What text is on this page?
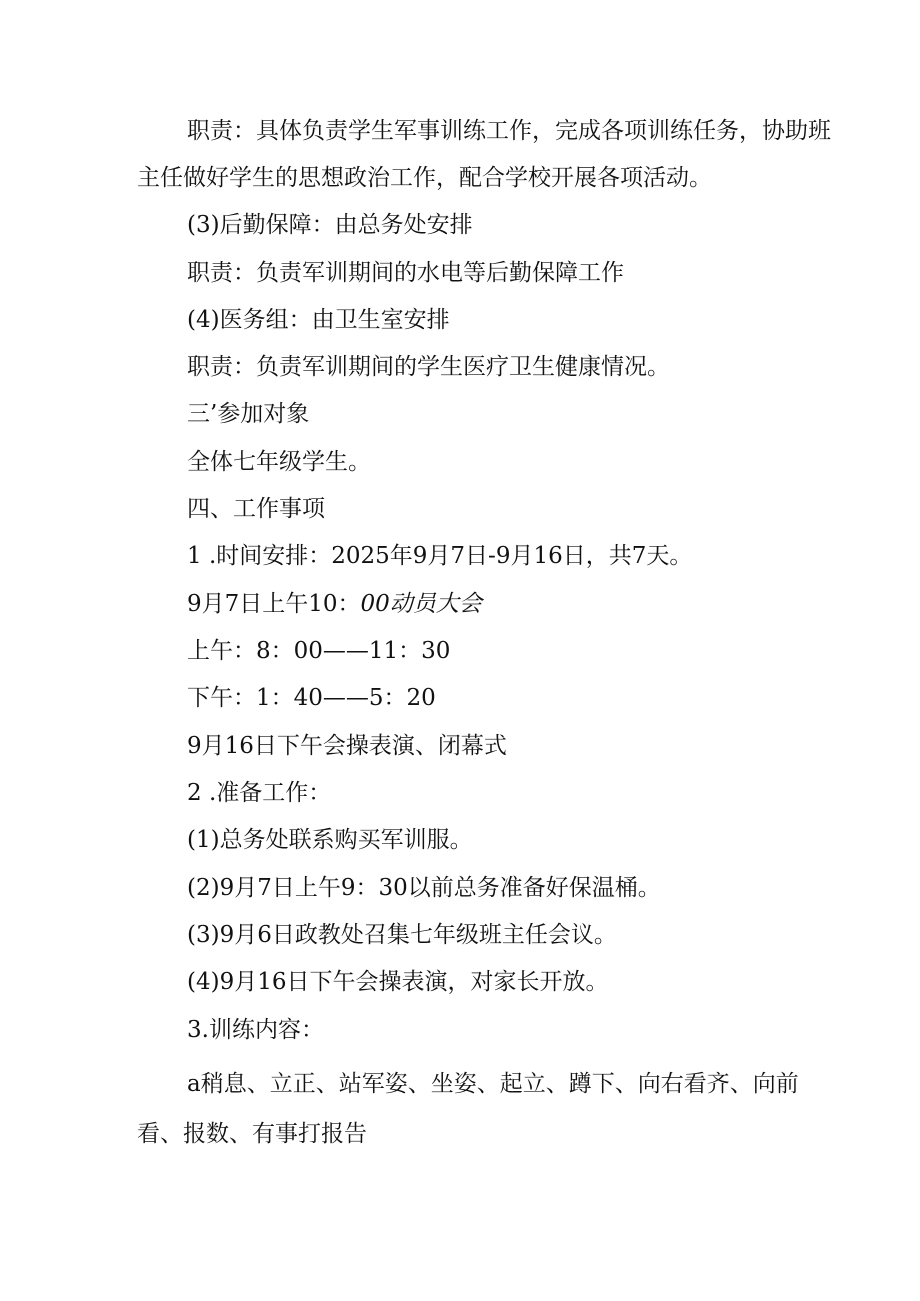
职责：具体负责学生军事训练工作，完成各项训练任务，协助班
主任做好学生的思想政治工作，配合学校开展各项活动。
(3)后勤保障：由总务处安排
职责：负责军训期间的水电等后勤保障工作
(4)医务组：由卫生室安排
职责：负责军训期间的学生医疗卫生健康情况。
三’参加对象
全体七年级学生。
四、工作事项
1 .时间安排：2025年9月7日-9月16日，共7天。
9月7日上午10：00动员大会
上午：8：00——11：30
下午：1：40——5：20
9月16日下午会操表演、闭幕式
2 .准备工作：
(1)总务处联系购买军训服。
(2)9月7日上午9：30以前总务准备好保温桶。
(3)9月6日政教处召集七年级班主任会议。
(4)9月16日下午会操表演，对家长开放。
3.训练内容：
a稍息、立正、站军姿、坐姿、起立、蹲下、向右看齐、向前
看、报数、有事打报告
